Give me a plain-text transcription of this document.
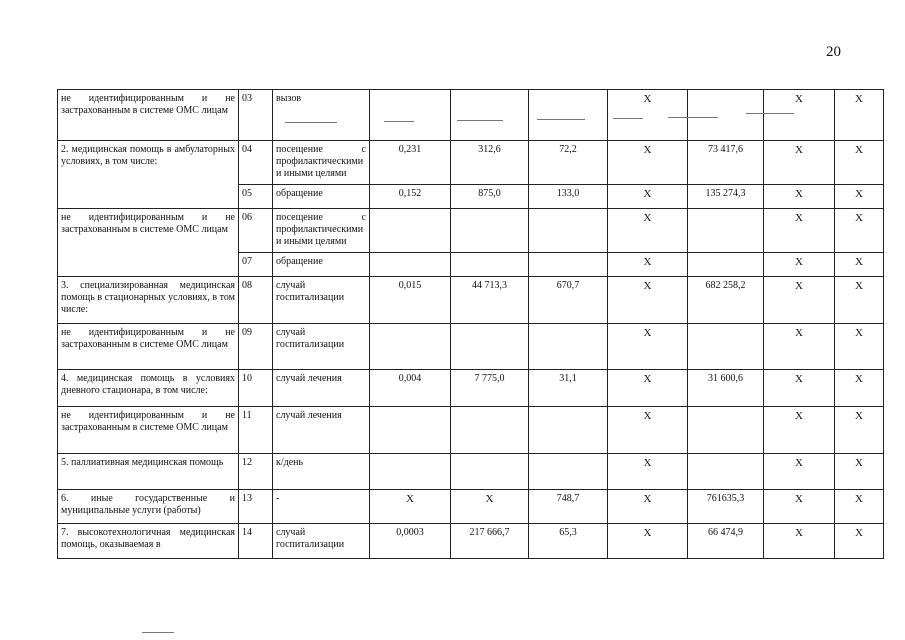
20
не идентифицированным и не застрахованным в системе ОМС лицам	03	вызов				X		X	X
2. медицинская помощь в амбулаторных условиях, в том числе:	04	посещение с профилактическими и иными целями	0,231	312,6	72,2	X	73 417,6	X	X
	05	обращение	0,152	875,0	133,0	X	135 274,3	X	X
не идентифицированным и не застрахованным в системе ОМС лицам	06	посещение с профилактическими и иными целями				X		X	X
	07	обращение				X		X	X
3. специализированная медицинская помощь в стационарных условиях, в том числе:	08	случай госпитализации	0,015	44 713,3	670,7	X	682 258,2	X	X
не идентифицированным и не застрахованным в системе ОМС лицам	09	случай госпитализации				X		X	X
4. медицинская помощь в условиях дневного стационара, в том числе:	10	случай лечения	0,004	7 775,0	31,1	X	31 600,6	X	X
не идентифицированным и не застрахованным в системе ОМС лицам	11	случай лечения				X		X	X
5. паллиативная медицинская помощь	12	к/день				X		X	X
6. иные государственные и муниципальные услуги (работы)	13	-	X	X	748,7	X	761635,3	X	X
7. высокотехнологичная медицинская помощь, оказываемая в	14	случай госпитализации	0,0003	217 666,7	65,3	X	66 474,9	X	X
